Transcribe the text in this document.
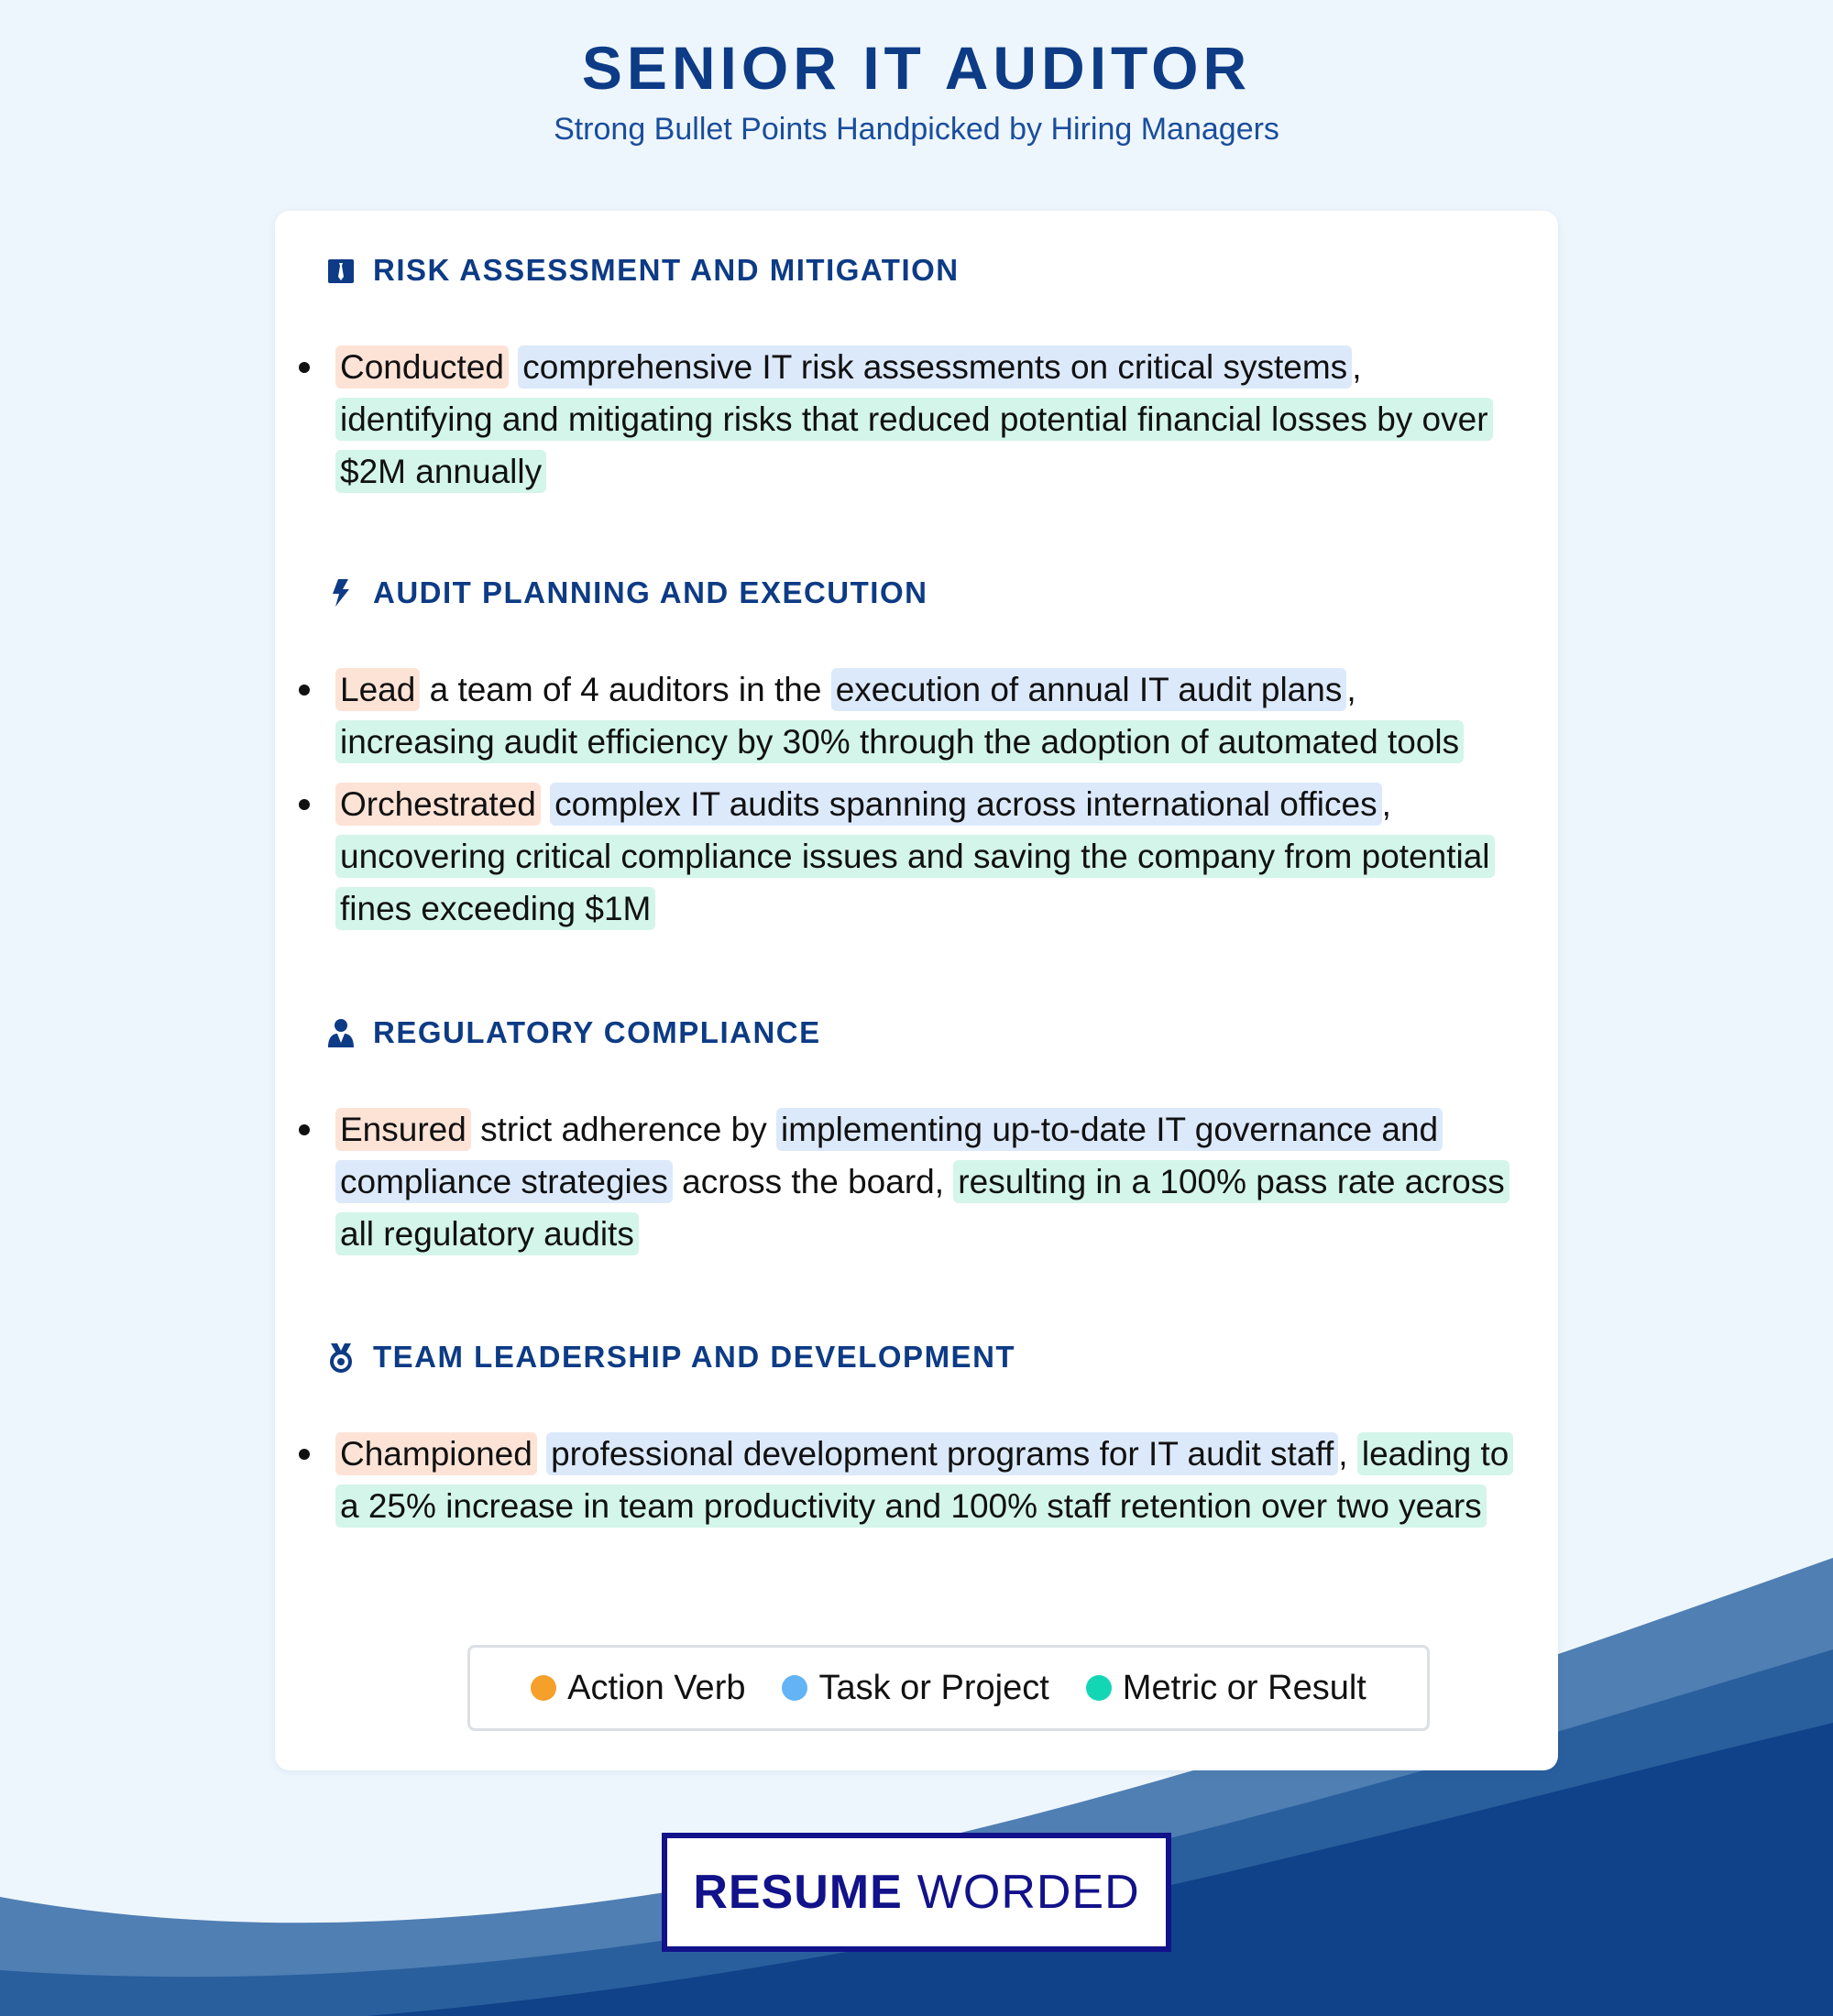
SENIOR IT AUDITOR
Strong Bullet Points Handpicked by Hiring Managers
RISK ASSESSMENT AND MITIGATION
Conducted comprehensive IT risk assessments on critical systems , identifying and mitigating risks that reduced potential financial losses by over $2M annually
AUDIT PLANNING AND EXECUTION
Lead a team of 4 auditors in the execution of annual IT audit plans , increasing audit efficiency by 30% through the adoption of automated tools
Orchestrated complex IT audits spanning across international offices , uncovering critical compliance issues and saving the company from potential fines exceeding $1M
REGULATORY COMPLIANCE
Ensured strict adherence by implementing up-to-date IT governance and compliance strategies across the board, resulting in a 100% pass rate across all regulatory audits
TEAM LEADERSHIP AND DEVELOPMENT
Championed professional development programs for IT audit staff , leading to a 25% increase in team productivity and 100% staff retention over two years
Action Verb Task or Project Metric or Result
RESUME WORDED
